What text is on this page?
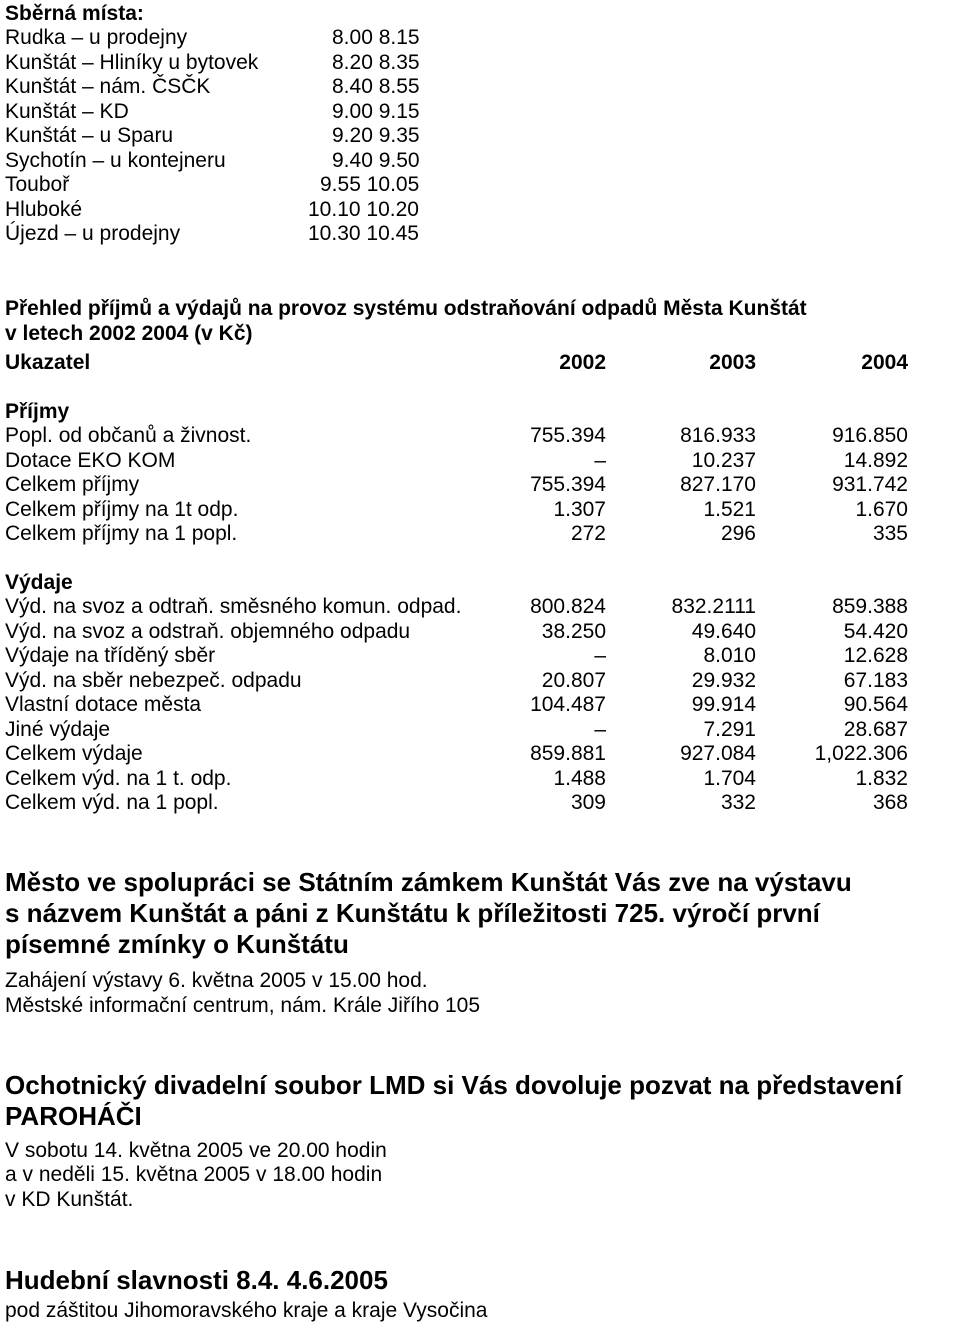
Sběrná místa:
Rudka – u prodejny	8.00 8.15
Kunštát – Hliníky u bytovek	8.20 8.35
Kunštát – nám. ČSČK	8.40 8.55
Kunštát – KD	9.00 9.15
Kunštát – u Sparu	9.20 9.35
Sychotín – u kontejneru	9.40 9.50
Touboř	9.55 10.05
Hluboké	10.10 10.20
Újezd – u prodejny	10.30 10.45
Přehled příjmů a výdajů na provoz systému odstraňování odpadů Města Kunštát
v letech 2002 2004 (v Kč)
Ukazatel	2002	2003	2004
Příjmy
Popl. od občanů a živnost.	755.394	816.933	916.850
Dotace EKO KOM	–	10.237	14.892
Celkem příjmy	755.394	827.170	931.742
Celkem příjmy na 1t odp.	1.307	1.521	1.670
Celkem příjmy na 1 popl.	272	296	335
Výdaje
Výd. na svoz a odtraň. směsného komun. odpad.	800.824	832.2111	859.388
Výd. na svoz a odstraň. objemného odpadu	38.250	49.640	54.420
Výdaje na tříděný sběr	–	8.010	12.628
Výd. na sběr nebezpeč. odpadu	20.807	29.932	67.183
Vlastní dotace města	104.487	99.914	90.564
Jiné výdaje	–	7.291	28.687
Celkem výdaje	859.881	927.084	1,022.306
Celkem výd. na 1 t. odp.	1.488	1.704	1.832
Celkem výd. na 1 popl.	309	332	368
Město ve spolupráci se Státním zámkem Kunštát Vás zve na výstavu
s názvem Kunštát a páni z Kunštátu k příležitosti 725. výročí první
písemné zmínky o Kunštátu
Zahájení výstavy 6. května 2005 v 15.00 hod.
Městské informační centrum, nám. Krále Jiřího 105
Ochotnický divadelní soubor LMD si Vás dovoluje pozvat na představení
PAROHÁČI
V sobotu 14. května 2005 ve 20.00 hodin
a v neděli 15. května 2005 v 18.00 hodin
v KD Kunštát.
Hudební slavnosti 8.4. 4.6.2005
pod záštitou Jihomoravského kraje a kraje Vysočina
